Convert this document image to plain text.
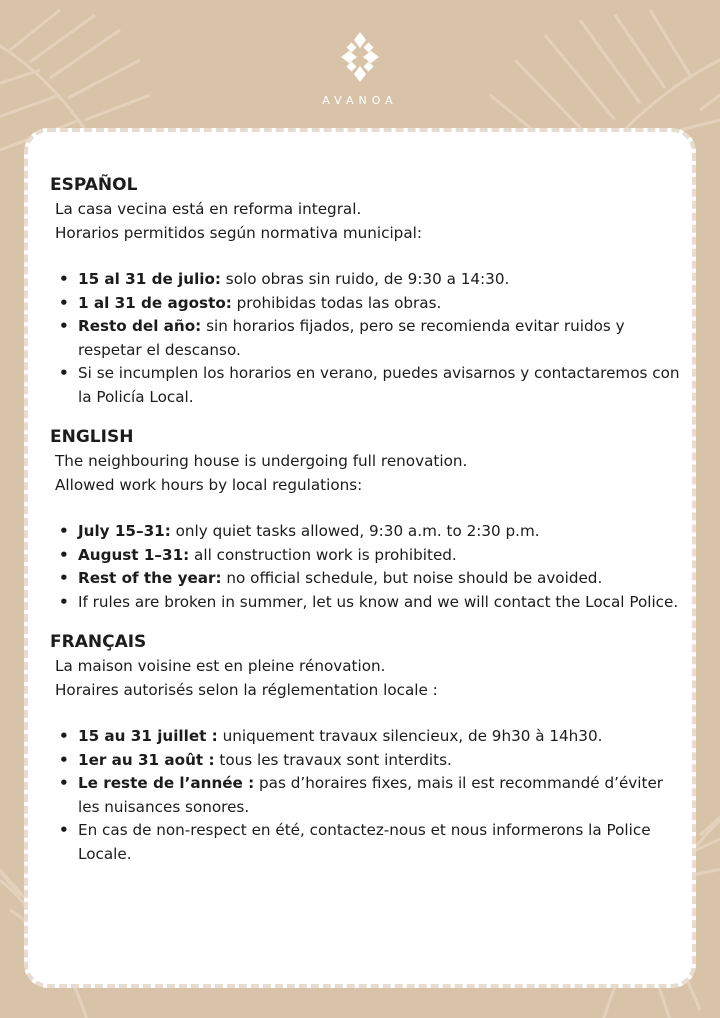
AVANOA
ESPAÑOL
La casa vecina está en reforma integral.
Horarios permitidos según normativa municipal:
• 15 al 31 de julio: solo obras sin ruido, de 9:30 a 14:30.
• 1 al 31 de agosto: prohibidas todas las obras.
• Resto del año: sin horarios fijados, pero se recomienda evitar ruidos y respetar el descanso.
• Si se incumplen los horarios en verano, puedes avisarnos y contactaremos con la Policía Local.
ENGLISH
The neighbouring house is undergoing full renovation.
Allowed work hours by local regulations:
• July 15–31: only quiet tasks allowed, 9:30 a.m. to 2:30 p.m.
• August 1–31: all construction work is prohibited.
• Rest of the year: no official schedule, but noise should be avoided.
• If rules are broken in summer, let us know and we will contact the Local Police.
FRANÇAIS
La maison voisine est en pleine rénovation.
Horaires autorisés selon la réglementation locale :
• 15 au 31 juillet : uniquement travaux silencieux, de 9h30 à 14h30.
• 1er au 31 août : tous les travaux sont interdits.
• Le reste de l’année : pas d’horaires fixes, mais il est recommandé d’éviter les nuisances sonores.
• En cas de non-respect en été, contactez-nous et nous informerons la Police Locale.
